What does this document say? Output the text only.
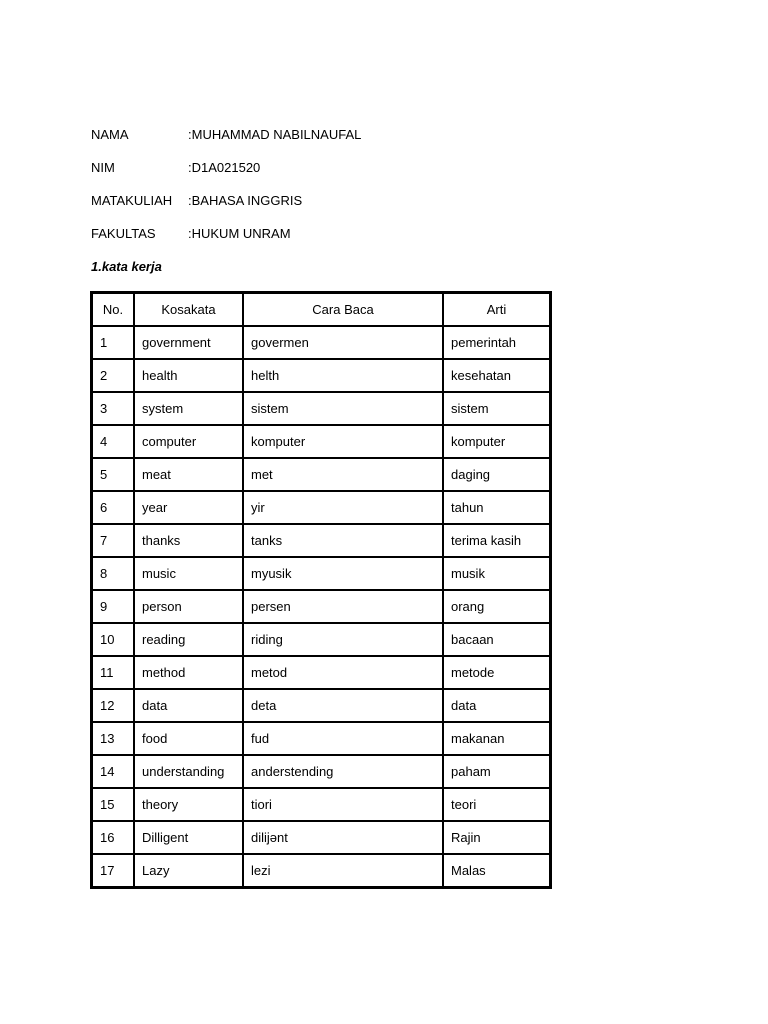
NAMA	:MUHAMMAD NABILNAUFAL
NIM	:D1A021520
MATAKULIAH	:BAHASA INGGRIS
FAKULTAS	:HUKUM UNRAM
1.kata kerja
No.	Kosakata	Cara Baca	Arti
1	government	govermen	pemerintah
2	health	helth	kesehatan
3	system	sistem	sistem
4	computer	komputer	komputer
5	meat	met	daging
6	year	yir	tahun
7	thanks	tanks	terima kasih
8	music	myusik	musik
9	person	persen	orang
10	reading	riding	bacaan
11	method	metod	metode
12	data	deta	data
13	food	fud	makanan
14	understanding	anderstending	paham
15	theory	tiori	teori
16	Dilligent	diliјənt	Rajin
17	Lazy	lezi	Malas
